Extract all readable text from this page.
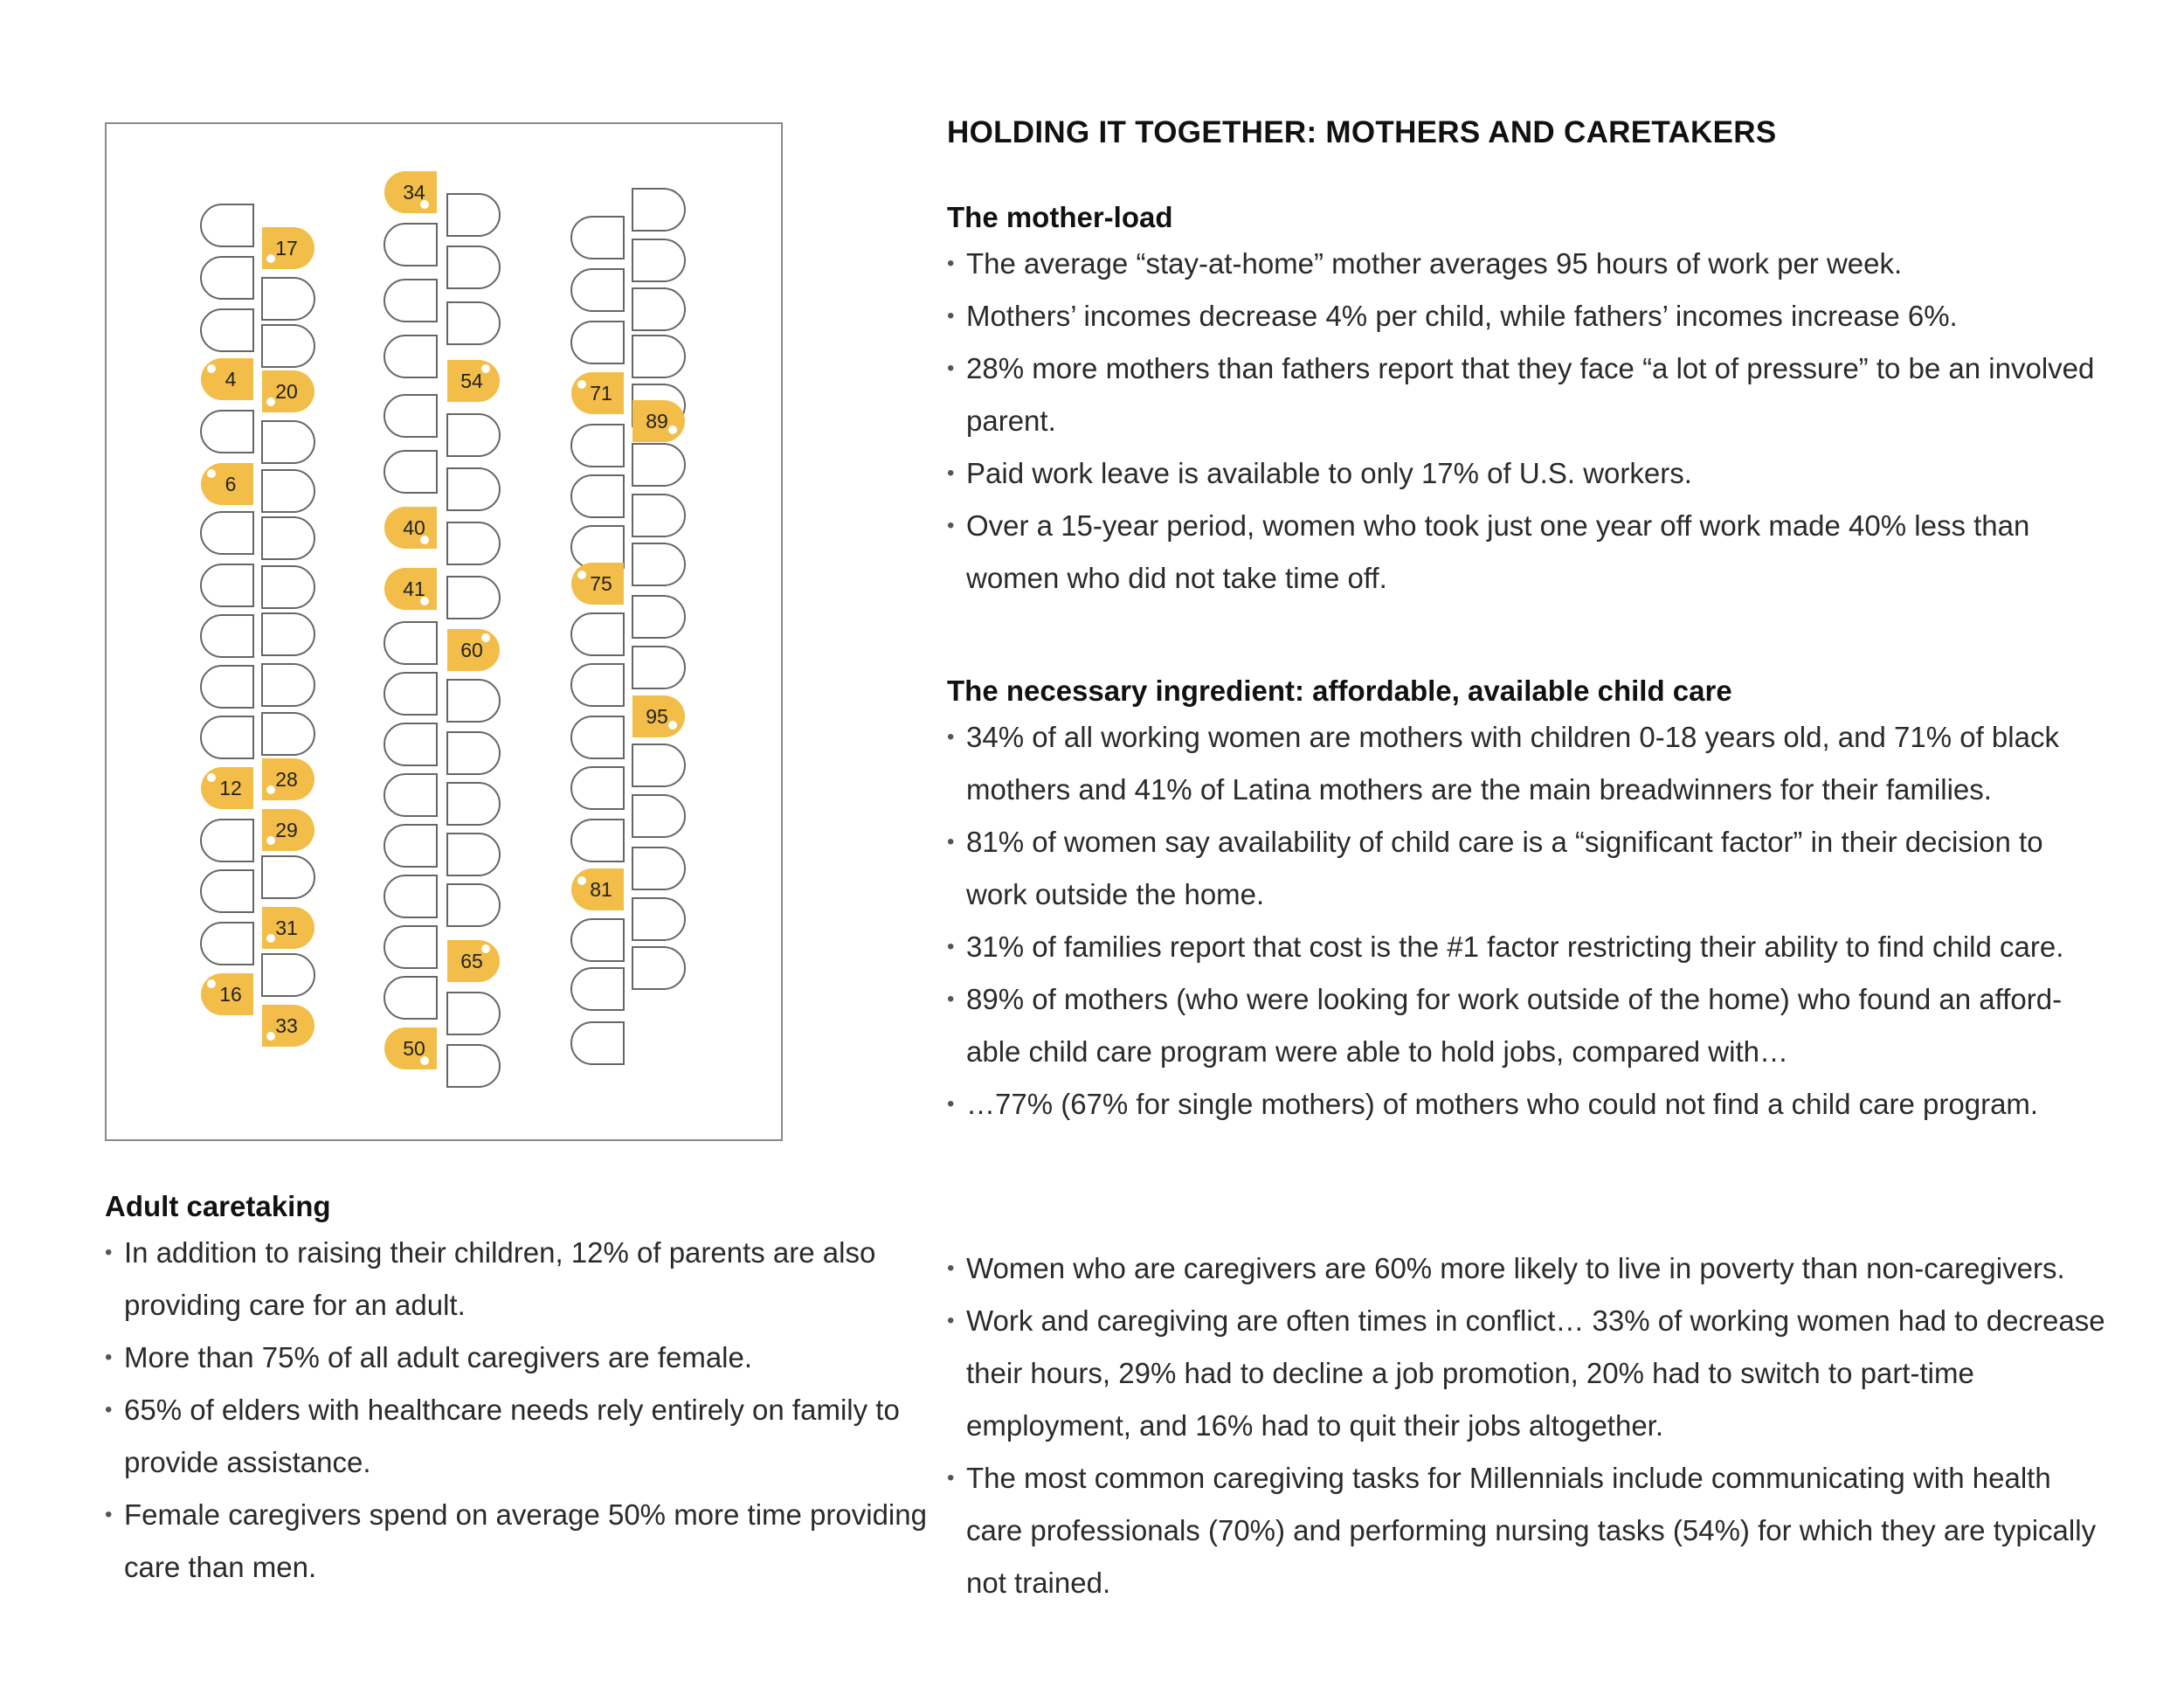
HOLDING IT TOGETHER: MOTHERS AND CARETAKERS
4
6
12
16
17
20
28
29
31
33
34
40
41
50
54
60
65
71
75
81
89
95
The mother-load
• The average “stay-at-home” mother averages 95 hours of work per week.
• Mothers’ incomes decrease 4% per child, while fathers’ incomes increase 6%.
• 28% more mothers than fathers report that they face “a lot of pressure” to be an involved parent.
• Paid work leave is available to only 17% of U.S. workers.
• Over a 15-year period, women who took just one year off work made 40% less than women who did not take time off.
The necessary ingredient: affordable, available child care
• 34% of all working women are mothers with children 0-18 years old, and 71% of black mothers and 41% of Latina mothers are the main breadwinners for their families.
• 81% of women say availability of child care is a “significant factor” in their decision to work outside the home.
• 31% of families report that cost is the #1 factor restricting their ability to find child care.
• 89% of mothers (who were looking for work outside of the home) who found an afford-able child care program were able to hold jobs, compared with…
• …77% (67% for single mothers) of mothers who could not find a child care program.
Adult caretaking
• In addition to raising their children, 12% of parents are also providing care for an adult.
• More than 75% of all adult caregivers are female.
• 65% of elders with healthcare needs rely entirely on family to provide assistance.
• Female caregivers spend on average 50% more time providing care than men.
• Women who are caregivers are 60% more likely to live in poverty than non-caregivers.
• Work and caregiving are often times in conflict… 33% of working women had to decrease their hours, 29% had to decline a job promotion, 20% had to switch to part-time employment, and 16% had to quit their jobs altogether.
• The most common caregiving tasks for Millennials include communicating with health care professionals (70%) and performing nursing tasks (54%) for which they are typically not trained.
